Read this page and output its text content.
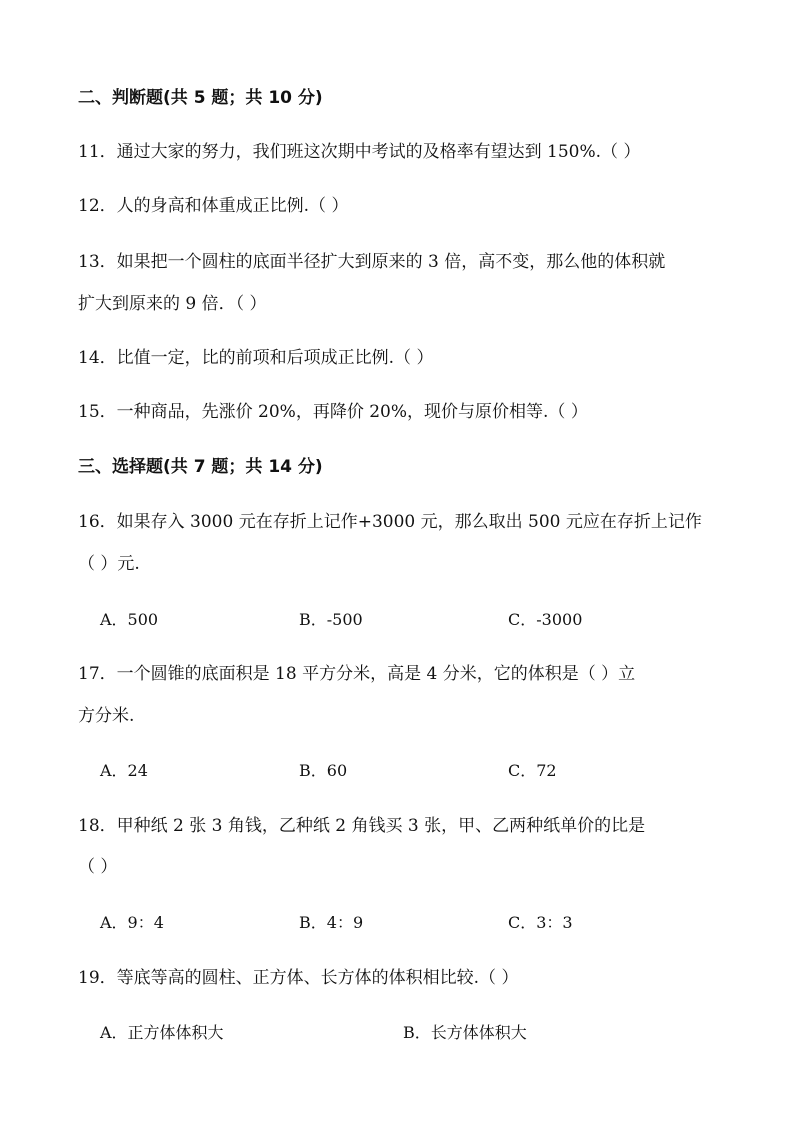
二、判断题(共 5 题；共 10 分)
11．通过大家的努力，我们班这次期中考试的及格率有望达到 150%.（ ）
12．人的身高和体重成正比例.（ ）
13．如果把一个圆柱的底面半径扩大到原来的 3 倍，高不变，那么他的体积就
扩大到原来的 9 倍．（ ）
14．比值一定，比的前项和后项成正比例.（ ）
15．一种商品，先涨价 20%，再降价 20%，现价与原价相等.（ ）
三、选择题(共 7 题；共 14 分)
16．如果存入 3000 元在存折上记作+3000 元，那么取出 500 元应在存折上记作
（ ）元.
A．500	B．-500	C．-3000
17．一个圆锥的底面积是 18 平方分米，高是 4 分米，它的体积是（ ）立
方分米.
A．24	B．60	C．72
18．甲种纸 2 张 3 角钱，乙种纸 2 角钱买 3 张，甲、乙两种纸单价的比是
（ ）
A．9：4	B．4：9	C．3：3
19．等底等高的圆柱、正方体、长方体的体积相比较.（ ）
A．正方体体积大	B．长方体体积大
